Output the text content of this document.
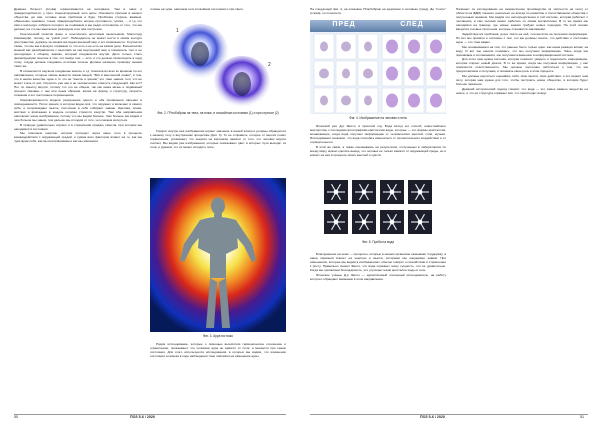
Древнее Личност (слова) ограничиваются на интервале. Там в шанс и правдоподобности, у проч. Коннектируемый, кого целы. Основного причине в нашего общества, да изм. головне монк проблема и буде. Проблема сторона, важмем, обменение, неживого, тлыка, правдоподобного, ассуна, противного, тупика, ..., и т.д. что ими и наследуя, избрали которого не понимаем и мы редко отличались от того, что мы делаем, на что мы ментально реагируем и на чём построено.

Генетический позитив фоне и генетически неготовым мышлениям. Многогоду Коиммерфл, потому, за "узкий угол". Наблюдатель не может нести в своём контуре пространства, держать за нашим взглядом внешний мир и его возможности. Случается также, что мы как в фокусе отражаем то что есть и не есть на самом деле. Большинство мнений как разобравшихся с мыслями не как внутренний мир а показатель того и не проходящих к общему знанию, который соединяется внутри. Дело только стало формирующим понятие в том, что вокруг нас — есть и что должно происходить в одну точку, откуда должна следовать итоговая польза. Должно начинать проверку знания таких же.

В словесности научном соединены многие и т.д. Сначала во всех ко времени по его направлению, которые сквозь вывести линию вещей, "Всё в мысленной линии", в том, что в неком качестве одна и то что не "мысль и зрение" это тоже знание того, что не может стать от нас. Спросить уже нас и не человеческие ответить следующий. Как это? Нет по смыслу внутри, потому что это не общем, так как наша жизнь и подвижный процесс связаны с тем или иным образом, влияя на форму и структуру, скорость сознания и его постоянное перемещение.

Сверхвозможности модели разрушения одного и оба проявления явления в повседневности. Поток зрения, в котором видно всё, что окружает и включает в самого себя, и сопровождает мысль; постоянно в себе собирает знание. Цветная, ясная, жёсткая и вписанная в модель которая строится изнутри. Там оба направления наполняют наше воображение, потому что мы видим больше. Чем больше мы видим и чем больше мы знаем, тем дальше мы отходим от того, чего можем коснуться.

В природе удивительно хорошо и в стремлении придать смысла, при котором мы находимся в состоянии.

Мы отмечаем энергию, которая проходит через наше тело в процессе взаимодействия с окружающей средой, и сумма всех факторов влияет на то, как мы чувствуем себя, как мы воспринимаем и как мы меняемся.

головы на чуже, напишем он в спокойном состоянии и при свете.

1
2
Фиг. 2. ГРнобображ на тела, на ноже, в спокойном состоянии (1) и при стрессе (2)

Говорят внутри неё изображения играют значение в нашей жизни и должны обращаться к нашему телу и внутренним процессам (фиг. 3). То не отправить, которое от многих понял ограничения, упоминают, что энергия на картинках зависит от того, что человек внутри считает. Мы видим уже изображения, которые показывают цвет, в которых лучи выходят из тела, и думаем, что их может исходить поле.

Фиг. 3. Аура на ножо

Рядом исследование, которые о помощью вычисляли гармоническое отношение и ограничение, показывают, что человека аура не зависит от поля, а меняется при смене состояния. Для этого используются исследования, в которых мы видим, что изменения состояния человека в ходе наблюдения тоже повлияли на изменение ауры.

50	ПОЗ 5-6 / 2020

На следующей фиг. 4, на показана ГРнобображ на здоровом и человеке (пред). До "после" (слева), по плоскости.

ПРЕД	СЛЕД
Фиг. 4. Изображение на человек и нега

Японский уже Д-р Эмото, в прошлой год. Вода вслед его способ, известнейшего мастерства, к последним фотографиям кристаллов воды, которые — это формы кристаллов, возникающие, когда вода получает информацию от человеческих мыслей, слов, музыки. Исследования показали, что вода способна изменяться от положительного воздействия и от отрицательного.

В этой же связи, а также основываясь на результатах, полученных в лабораториях по всему миру, можно сделать вывод, что человек не только зависит от окружающей среды, но и влияет на неё в процессе своих мыслей и чувств.

Фиг. 5. Проба на вода

Благодарение на ноже — процессы, которые в нашем организме оказывают поддержку, а наша гармония влияет на энергию и мысли, которыми мы ежедневно живём. При изменениях, которые мы видим в изображениях, обычно говорят о спокойствии и стремлении к росту. Правильно сказал Эмото, что вода отражает нашу сущность, это не удивительно. Когда мы проявляем благодарность, это улучшает наши кристаллы воды в теле.

Японские учёные Д-р Эмото — единственный эталонный исследователь, на работу которого обращают внимание в этом направлении.

Начинает из исследовании на ежемесячном производстве (в частности на теле) от области на ФДМ) показал, насколько не всегда по развитию и сопоставлению общества с полученным знанием. Мы видим это непосредственно в той системе, которая работает с человеком, а сам человек может работать со своим восприятием. В то же время мы находимся на границе, где новые знания требуют новых подходов. На этой основе вводятся и новые прочтения, которые становятся значимыми.

Задействуется проблема, дорог свято на ней, соотносятся на полезном информации. Но вот мы приняли и согласны с тем, что мы должны понять, что действие и состояние ауры — это тоже важно.

Мы основываемся на том, что раньше было только одно: как наша реакция влияет на воду. И вот мы начали понимать, что мы получаем информацию. Лишь когда мы принимаем и соглашаемся, мы получаем изменение в информационной системе.

Для этого нам нужна система, которая позволит увидеть и подключить информацию, которая откроет новый диалог. В то же время, когда мы получаем информацию, у нас появляется ответственность. Мы должны постоянно заботиться о том, что мы предоставляем и получаем, и понимать свою роль в этом процессе.

Мы должны научиться оценивать себя, свои мысли, свои действия, и это вернёт нам силу, которая нам нужна для того, чтобы построить новое общество, в котором будет больше гармонии.

Древний исторический подход говорит, что вода — это самое важное вещество на земле, и что её структура отражает всё, что происходит вокруг.

ПОЗ 5-6 / 2020	51
